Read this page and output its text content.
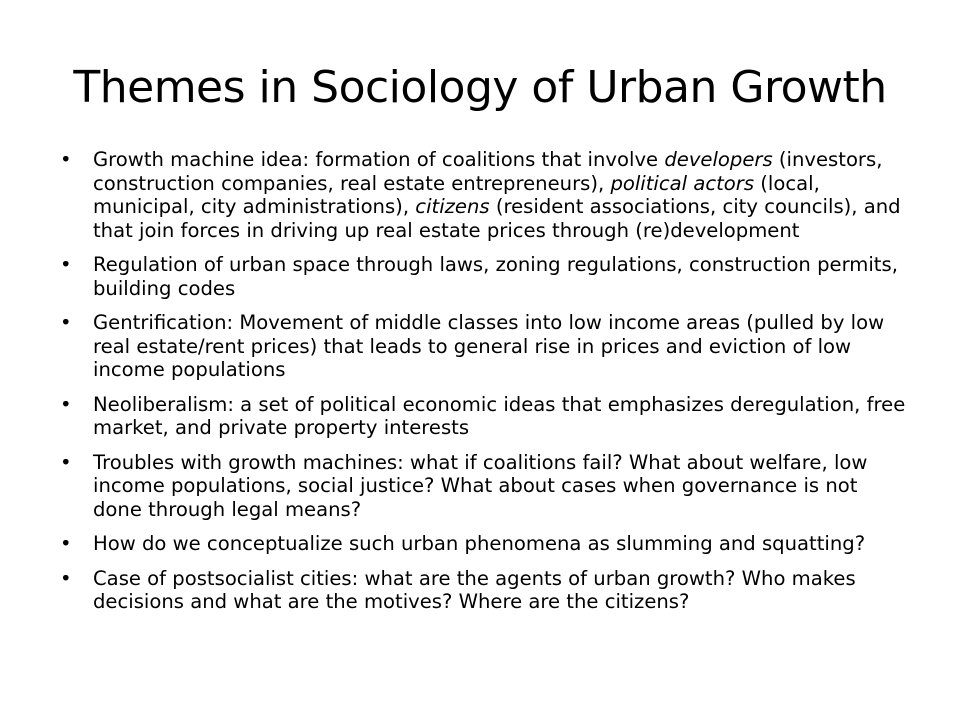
Themes in Sociology of Urban Growth
•	Growth machine idea: formation of coalitions that involve developers (investors, construction companies, real estate entrepreneurs), political actors (local, municipal, city administrations), citizens (resident associations, city councils), and that join forces in driving up real estate prices through (re)development
•	Regulation of urban space through laws, zoning regulations, construction permits, building codes
•	Gentrification: Movement of middle classes into low income areas (pulled by low real estate/rent prices) that leads to general rise in prices and eviction of low income populations
•	Neoliberalism: a set of political economic ideas that emphasizes deregulation, free market, and private property interests
•	Troubles with growth machines: what if coalitions fail? What about welfare, low income populations, social justice? What about cases when governance is not done through legal means?
•	How do we conceptualize such urban phenomena as slumming and squatting?
•	Case of postsocialist cities: what are the agents of urban growth? Who makes decisions and what are the motives? Where are the citizens?
